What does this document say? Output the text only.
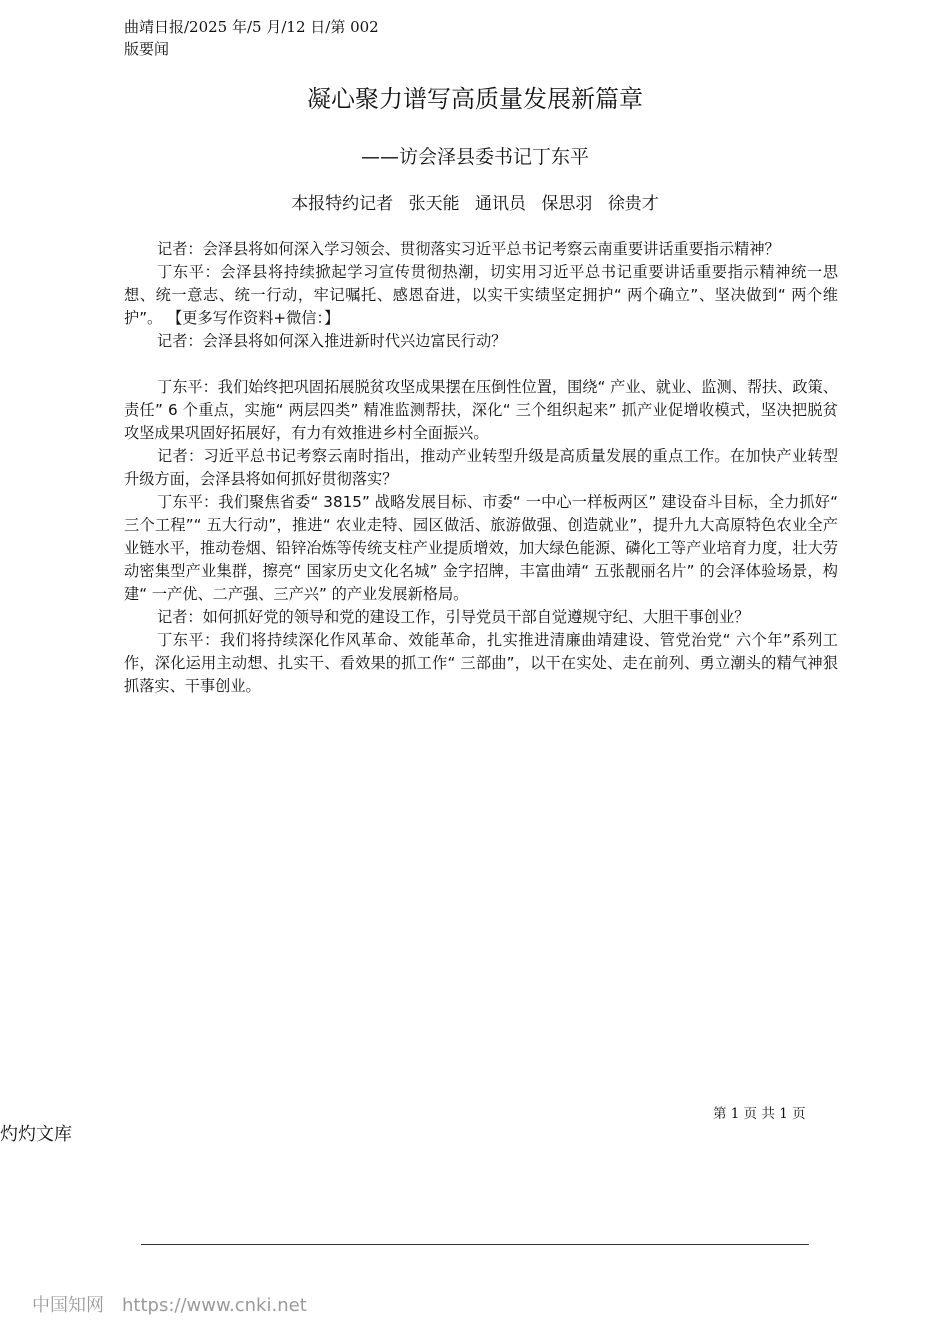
曲靖日报/2025 年/5 月/12 日/第 002
版要闻
凝心聚力谱写高质量发展新篇章
——访会泽县委书记丁东平
本报特约记者 张天能 通讯员 保思羽 徐贵才

记者：会泽县将如何深入学习领会、贯彻落实习近平总书记考察云南重要讲话重要指示精神？

丁东平：会泽县将持续掀起学习宣传贯彻热潮，切实用习近平总书记重要讲话重要指示精神统一思想、统一意志、统一行动，牢记嘱托、感恩奋进，以实干实绩坚定拥护“ 两个确立”、坚决做到“ 两个维护”。 【更多写作资料+微信：】

记者：会泽县将如何深入推进新时代兴边富民行动？

丁东平：我们始终把巩固拓展脱贫攻坚成果摆在压倒性位置，围绕“ 产业、就业、监测、帮扶、政策、责任” 6 个重点，实施“ 两层四类” 精准监测帮扶，深化“ 三个组织起来” 抓产业促增收模式，坚决把脱贫攻坚成果巩固好拓展好，有力有效推进乡村全面振兴。

记者：习近平总书记考察云南时指出，推动产业转型升级是高质量发展的重点工作。在加快产业转型升级方面，会泽县将如何抓好贯彻落实？

丁东平：我们聚焦省委“ 3815” 战略发展目标、市委“ 一中心一样板两区” 建设奋斗目标，全力抓好“ 三个工程”“ 五大行动”，推进“ 农业走特、园区做活、旅游做强、创造就业”，提升九大高原特色农业全产业链水平，推动卷烟、铅锌冶炼等传统支柱产业提质增效，加大绿色能源、磷化工等产业培育力度，壮大劳动密集型产业集群，擦亮“ 国家历史文化名城” 金字招牌，丰富曲靖“ 五张靓丽名片” 的会泽体验场景，构建“ 一产优、二产强、三产兴” 的产业发展新格局。

记者：如何抓好党的领导和党的建设工作，引导党员干部自觉遵规守纪、大胆干事创业？

丁东平：我们将持续深化作风革命、效能革命，扎实推进清廉曲靖建设、管党治党“ 六个年”系列工作，深化运用主动想、扎实干、看效果的抓工作“ 三部曲”，以干在实处、走在前列、勇立潮头的精气神狠抓落实、干事创业。

第 1 页 共 1 页
灼灼文库
中国知网 https://www.cnki.net
